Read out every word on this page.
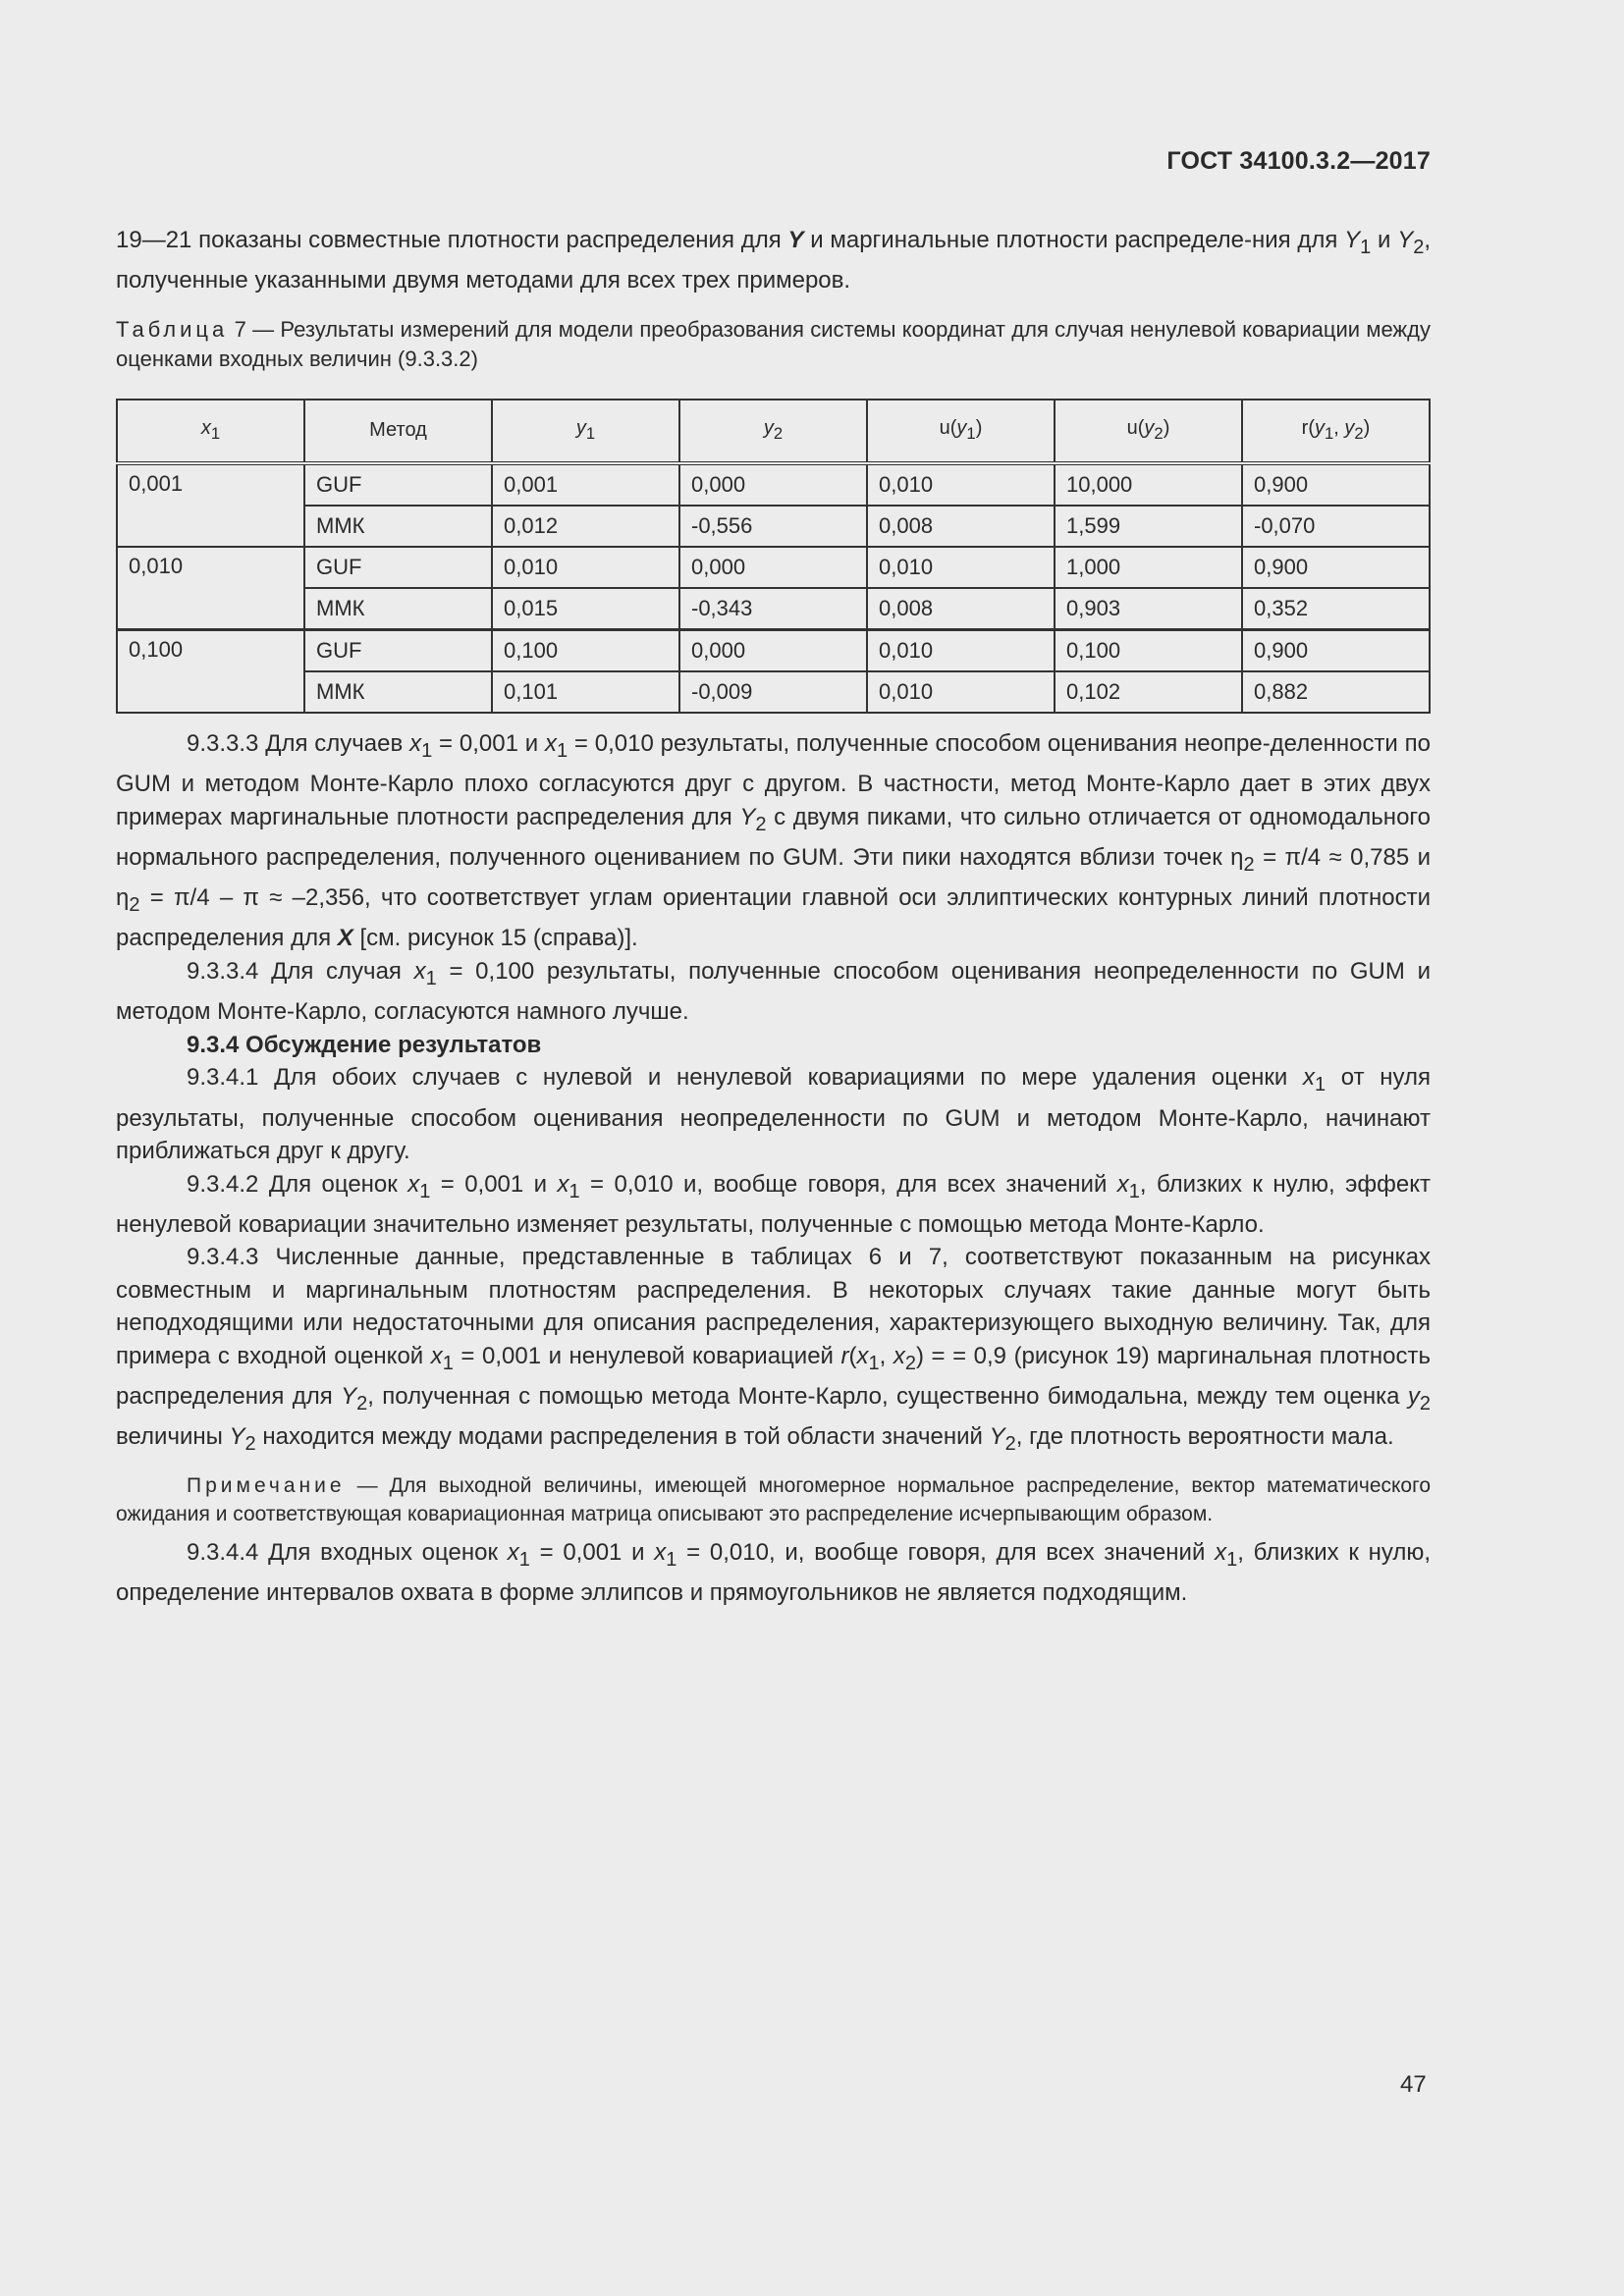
ГОСТ 34100.3.2—2017

19—21 показаны совместные плотности распределения для Y и маргинальные плотности распределе-ния для $Y_1$ и $Y_2$, полученные указанными двумя методами для всех трех примеров.

Таблица 7 — Результаты измерений для модели преобразования системы координат для случая ненулевой ковариации между оценками входных величин (9.3.3.2)

$x_1$	Метод	$y_1$	$y_2$	$u(y_1)$	$u(y_2)$	$r(y_1$, $y_2$)
0,001	GUF	0,001	0,000	0,010	10,000	0,900
	ММК	0,012	-0,556	0,008	1,599	-0,070
0,010	GUF	0,010	0,000	0,010	1,000	0,900
	ММК	0,015	-0,343	0,008	0,903	0,352
0,100	GUF	0,100	0,000	0,010	0,100	0,900
	ММК	0,101	-0,009	0,010	0,102	0,882

9.3.3.3 Для случаев $x_1 = 0,001$ и $x_1 = 0,010$ результаты, полученные способом оценивания неопре-деленности по GUM и методом Монте-Карло плохо согласуются друг с другом. В частности, метод Монте-Карло дает в этих двух примерах маргинальные плотности распределения для $Y_2$ с двумя пиками, что сильно отличается от одномодального нормального распределения, полученного оцениванием по GUM. Эти пики находятся вблизи точек $\eta_2 = \pi/4 \approx 0,785$ и $\eta_2 = \pi/4 - \pi \approx -2,356$, что соответствует углам ориентации главной оси эллиптических контурных линий плотности распределения для X [см. рисунок 15 (справа)].

9.3.3.4 Для случая $x_1 = 0,100$ результаты, полученные способом оценивания неопределенности по GUM и методом Монте-Карло, согласуются намного лучше.

9.3.4 Обсуждение результатов

9.3.4.1 Для обоих случаев с нулевой и ненулевой ковариациями по мере удаления оценки $x_1$ от нуля результаты, полученные способом оценивания неопределенности по GUM и методом Монте-Карло, начинают приближаться друг к другу.

9.3.4.2 Для оценок $x_1 = 0,001$ и $x_1 = 0,010$ и, вообще говоря, для всех значений $x_1$, близких к нулю, эффект ненулевой ковариации значительно изменяет результаты, полученные с помощью метода Монте-Карло.

9.3.4.3 Численные данные, представленные в таблицах 6 и 7, соответствуют показанным на рисунках совместным и маргинальным плотностям распределения. В некоторых случаях такие данные могут быть неподходящими или недостаточными для описания распределения, характеризующего выходную величину. Так, для примера с входной оценкой $x_1 = 0,001$ и ненулевой ковариацией $r(x_1$, $x_2$) = = 0,9 (рисунок 19) маргинальная плотность распределения для $Y_2$, полученная с помощью метода Монте-Карло, существенно бимодальна, между тем оценка $y_2$ величины $Y_2$ находится между модами распределения в той области значений $Y_2$, где плотность вероятности мала.

Примечание — Для выходной величины, имеющей многомерное нормальное распределение, вектор математического ожидания и соответствующая ковариационная матрица описывают это распределение исчерпывающим образом.

9.3.4.4 Для входных оценок $x_1 = 0,001$ и $x_1 = 0,010$, и, вообще говоря, для всех значений $x_1$, близких к нулю, определение интервалов охвата в форме эллипсов и прямоугольников не является подходящим.

47
